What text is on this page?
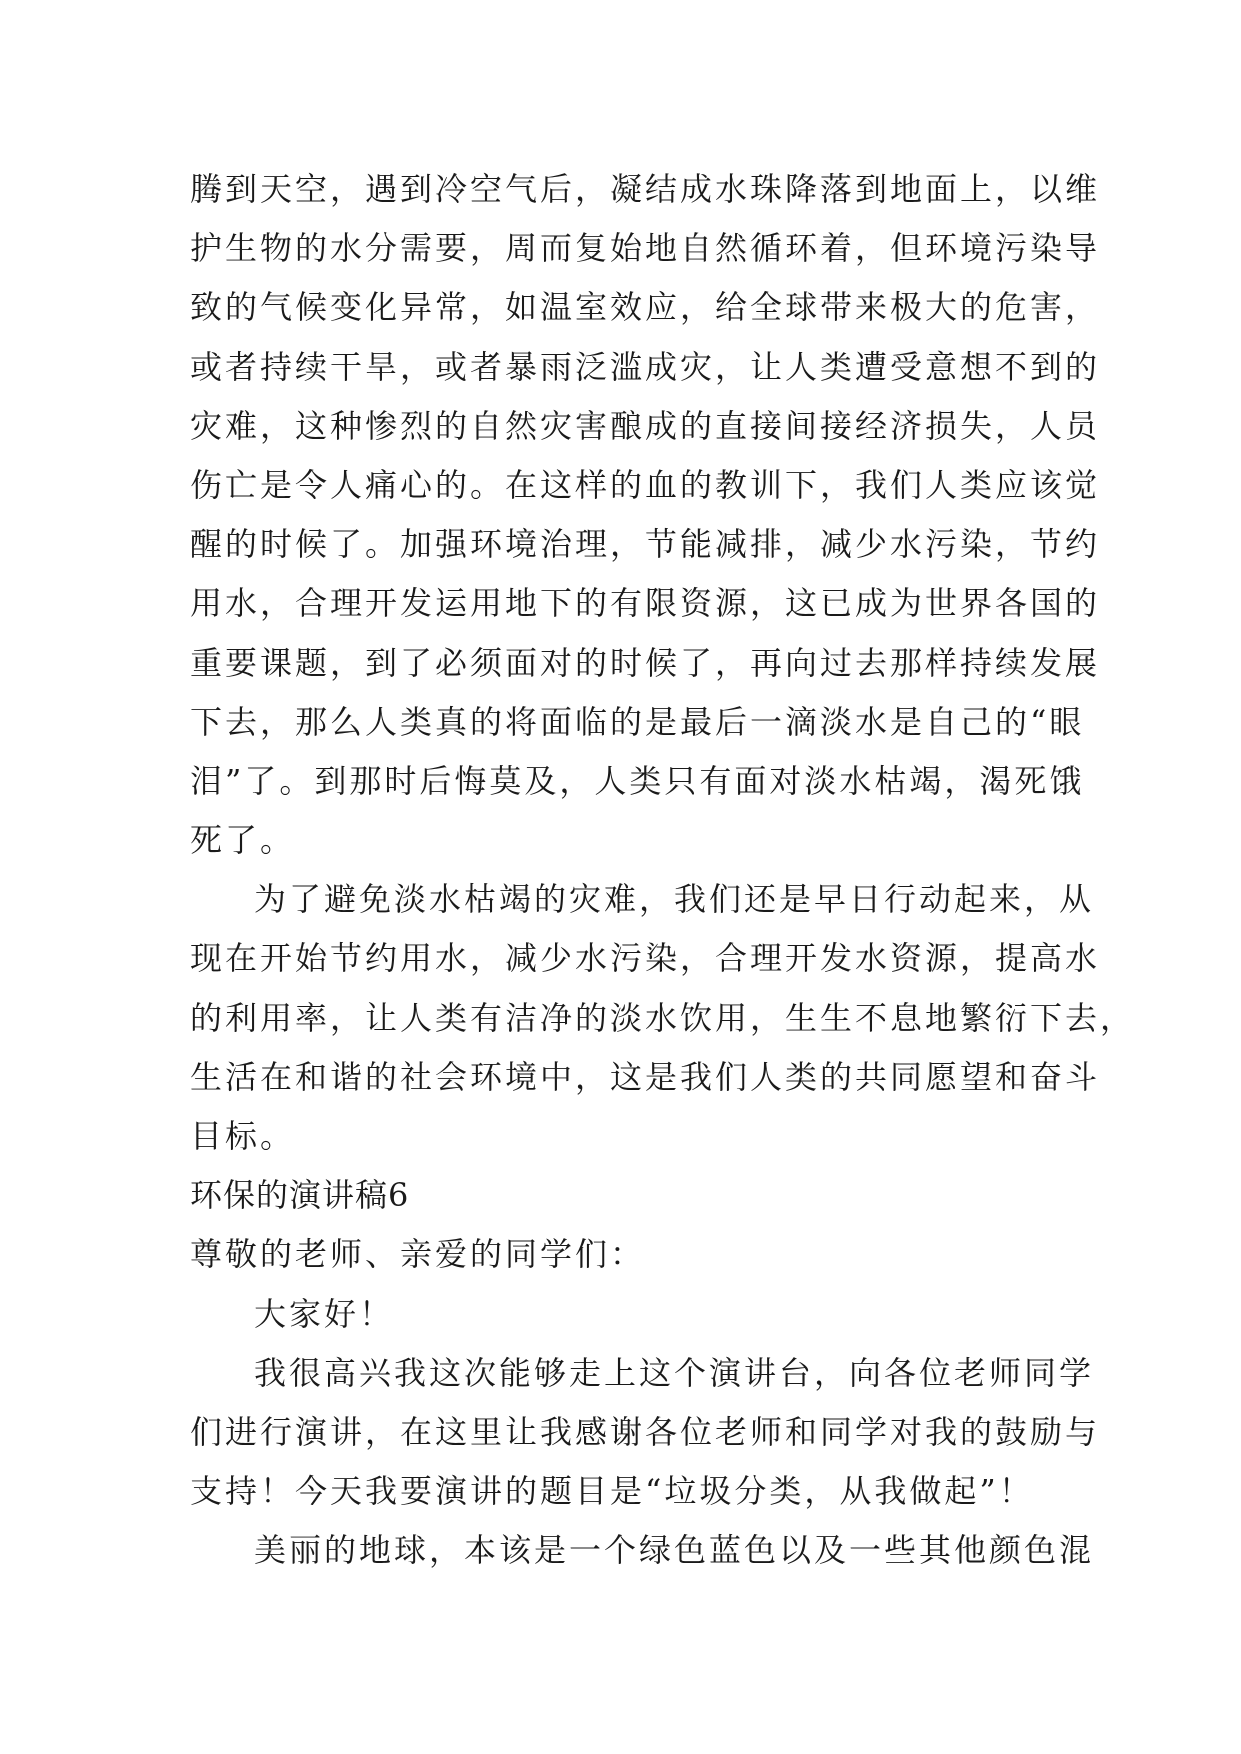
腾到天空，遇到冷空气后，凝结成水珠降落到地面上，以维

护生物的水分需要，周而复始地自然循环着，但环境污染导

致的气候变化异常，如温室效应，给全球带来极大的危害，

或者持续干旱，或者暴雨泛滥成灾，让人类遭受意想不到的

灾难，这种惨烈的自然灾害酿成的直接间接经济损失，人员

伤亡是令人痛心的。在这样的血的教训下，我们人类应该觉

醒的时候了。加强环境治理，节能减排，减少水污染，节约

用水，合理开发运用地下的有限资源，这已成为世界各国的

重要课题，到了必须面对的时候了，再向过去那样持续发展

下去，那么人类真的将面临的是最后一滴淡水是自己的“眼

泪”了。到那时后悔莫及，人类只有面对淡水枯竭，渴死饿

死了。

为了避免淡水枯竭的灾难，我们还是早日行动起来，从

现在开始节约用水，减少水污染，合理开发水资源，提高水

的利用率，让人类有洁净的淡水饮用，生生不息地繁衍下去，

生活在和谐的社会环境中，这是我们人类的共同愿望和奋斗

目标。

环保的演讲稿6

尊敬的老师、亲爱的同学们：

大家好！

我很高兴我这次能够走上这个演讲台，向各位老师同学

们进行演讲，在这里让我感谢各位老师和同学对我的鼓励与

支持！今天我要演讲的题目是“垃圾分类，从我做起”！

美丽的地球，本该是一个绿色蓝色以及一些其他颜色混
